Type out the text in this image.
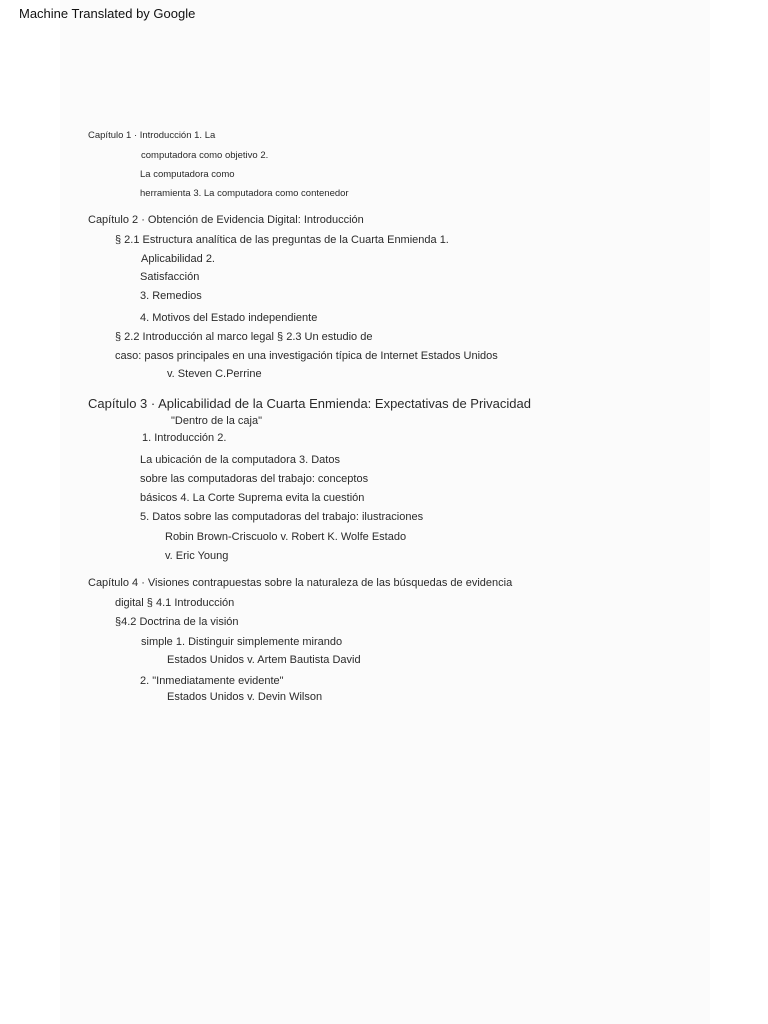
Machine Translated by Google
Capítulo 1 · Introducción 1. La
computadora como objetivo 2.
La computadora como
herramienta 3. La computadora como contenedor
Capítulo 2 · Obtención de Evidencia Digital: Introducción
§ 2.1 Estructura analítica de las preguntas de la Cuarta Enmienda 1.
Aplicabilidad 2.
Satisfacción
3. Remedios
4. Motivos del Estado independiente
§ 2.2 Introducción al marco legal § 2.3 Un estudio de
caso: pasos principales en una investigación típica de Internet Estados Unidos
v. Steven C.Perrine
Capítulo 3 · Aplicabilidad de la Cuarta Enmienda: Expectativas de Privacidad
"Dentro de la caja"
1. Introducción 2.
La ubicación de la computadora 3. Datos
sobre las computadoras del trabajo: conceptos
básicos 4. La Corte Suprema evita la cuestión
5. Datos sobre las computadoras del trabajo: ilustraciones
Robin Brown-Criscuolo v. Robert K. Wolfe Estado
v. Eric Young
Capítulo 4 · Visiones contrapuestas sobre la naturaleza de las búsquedas de evidencia
digital § 4.1 Introducción
§4.2 Doctrina de la visión
simple 1. Distinguir simplemente mirando
Estados Unidos v. Artem Bautista David
2. "Inmediatamente evidente"
Estados Unidos v. Devin Wilson
